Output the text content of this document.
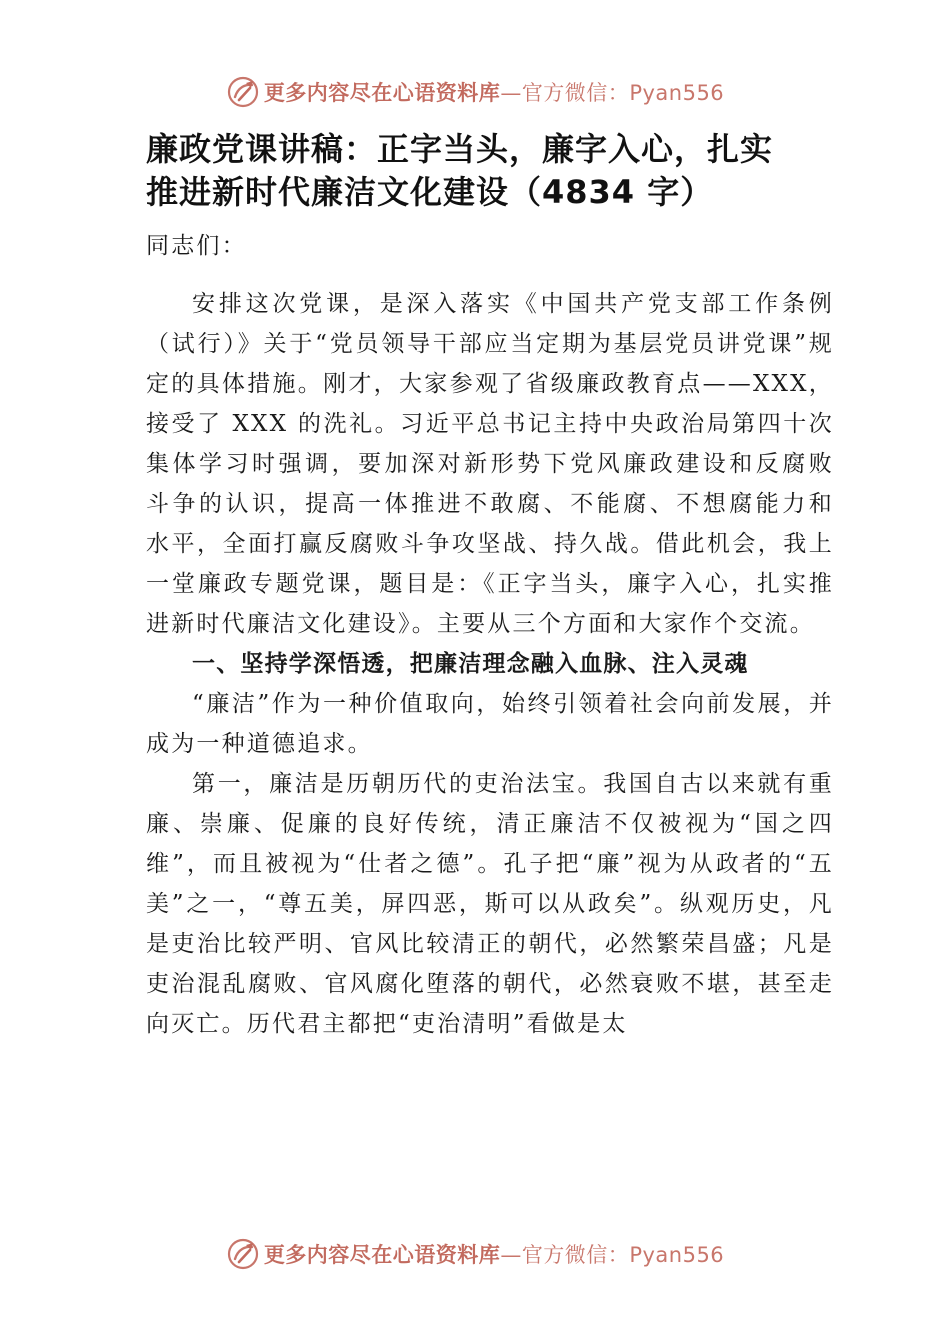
更多内容尽在心语资料库—官方微信：Pyan556
廉政党课讲稿：正字当头，廉字入心，扎实
推进新时代廉洁文化建设（4834 字）

同志们：

安排这次党课，是深入落实《中国共产党支部工作条例（试行）》关于“党员领导干部应当定期为基层党员讲党课”规定的具体措施。刚才，大家参观了省级廉政教育点——XXX，接受了 XXX 的洗礼。习近平总书记主持中央政治局第四十次集体学习时强调，要加深对新形势下党风廉政建设和反腐败 斗争的认识，提高一体推进不敢腐、不能腐、不想腐能力和 水平，全面打赢反腐败斗争攻坚战、持久战。借此机会，我上一堂廉政专题党课，题目是：《正字当头，廉字入心，扎实推进新时代廉洁文化建设》。主要从三个方面和大家作个交流。

一、坚持学深悟透，把廉洁理念融入血脉、注入灵魂

“廉洁”作为一种价值取向，始终引领着社会向前发展，并成为一种道德追求。

第一，廉洁是历朝历代的吏治法宝。我国自古以来就有重廉、崇廉、促廉的良好传统，清正廉洁不仅被视为“国之四维”，而且被视为“仕者之德”。孔子把“廉”视为从政者的“五美”之一，“尊五美，屏四恶，斯可以从政矣”。纵观历史，凡是吏治比较严明、官风比较清正的朝代，必然繁荣昌盛；凡是吏治混乱腐败、官风腐化堕落的朝代，必然衰败不堪，甚至走向灭亡。历代君主都把“吏治清明”看做是太

更多内容尽在心语资料库—官方微信：Pyan556
